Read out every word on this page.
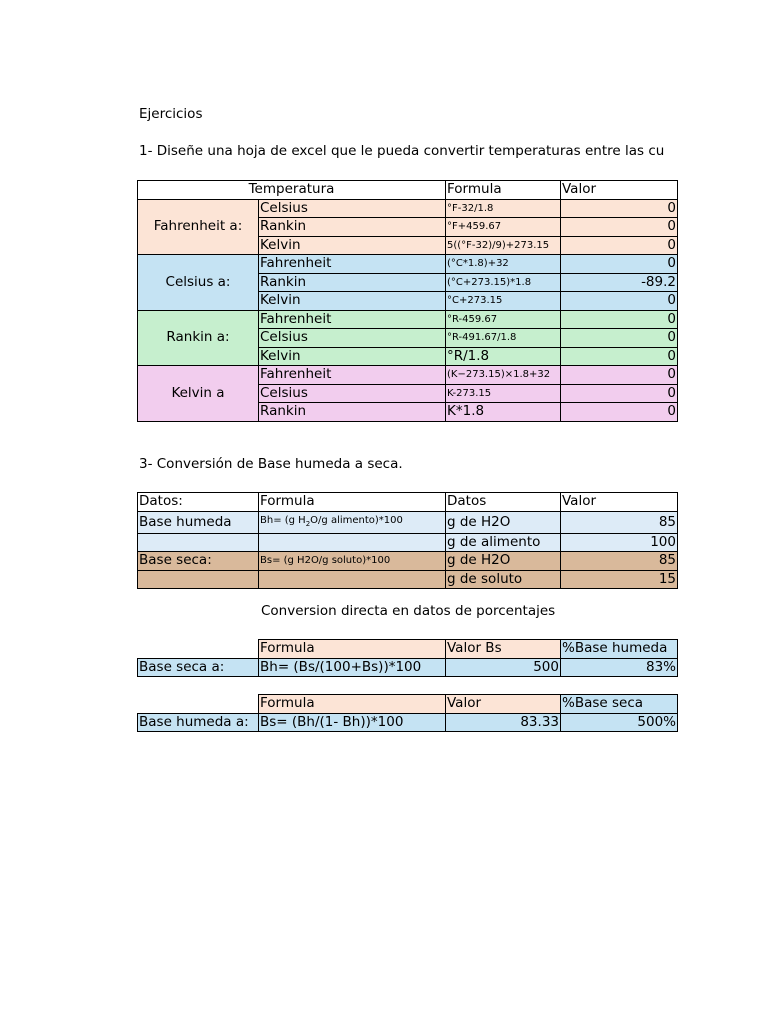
Ejercicios
1- Diseñe una hoja de excel que le pueda convertir temperaturas entre las cu
Temperatura		Formula	Valor
Fahrenheit a:	Celsius	°F-32/1.8	0
	Rankin	°F+459.67	0
	Kelvin	5((°F-32)/9)+273.15	0
Celsius a:	Fahrenheit	(°C*1.8)+32	0
	Rankin	(°C+273.15)*1.8	-89.2
	Kelvin	°C+273.15	0
Rankin a:	Fahrenheit	°R-459.67	0
	Celsius	°R-491.67/1.8	0
	Kelvin	°R/1.8	0
Kelvin a	Fahrenheit	(K−273.15)×1.8+32	0
	Celsius	K-273.15	0
	Rankin	K*1.8	0
3- Conversión de Base humeda a seca.
Datos:	Formula	Datos	Valor
Base humeda	Bh= (g $H_2O/g$ alimento)*100	g de H2O	85
		g de alimento	100
Base seca:	Bs= (g H2O/g soluto)*100	g de H2O	85
		g de soluto	15
Conversion directa en datos de porcentajes
	Formula	Valor Bs	%Base humeda
Base seca a:	Bh= (Bs/(100+Bs))*100	500	83%
	Formula	Valor	%Base seca
Base humeda a:	Bs= (Bh/(1- Bh))*100	83.33	500%
